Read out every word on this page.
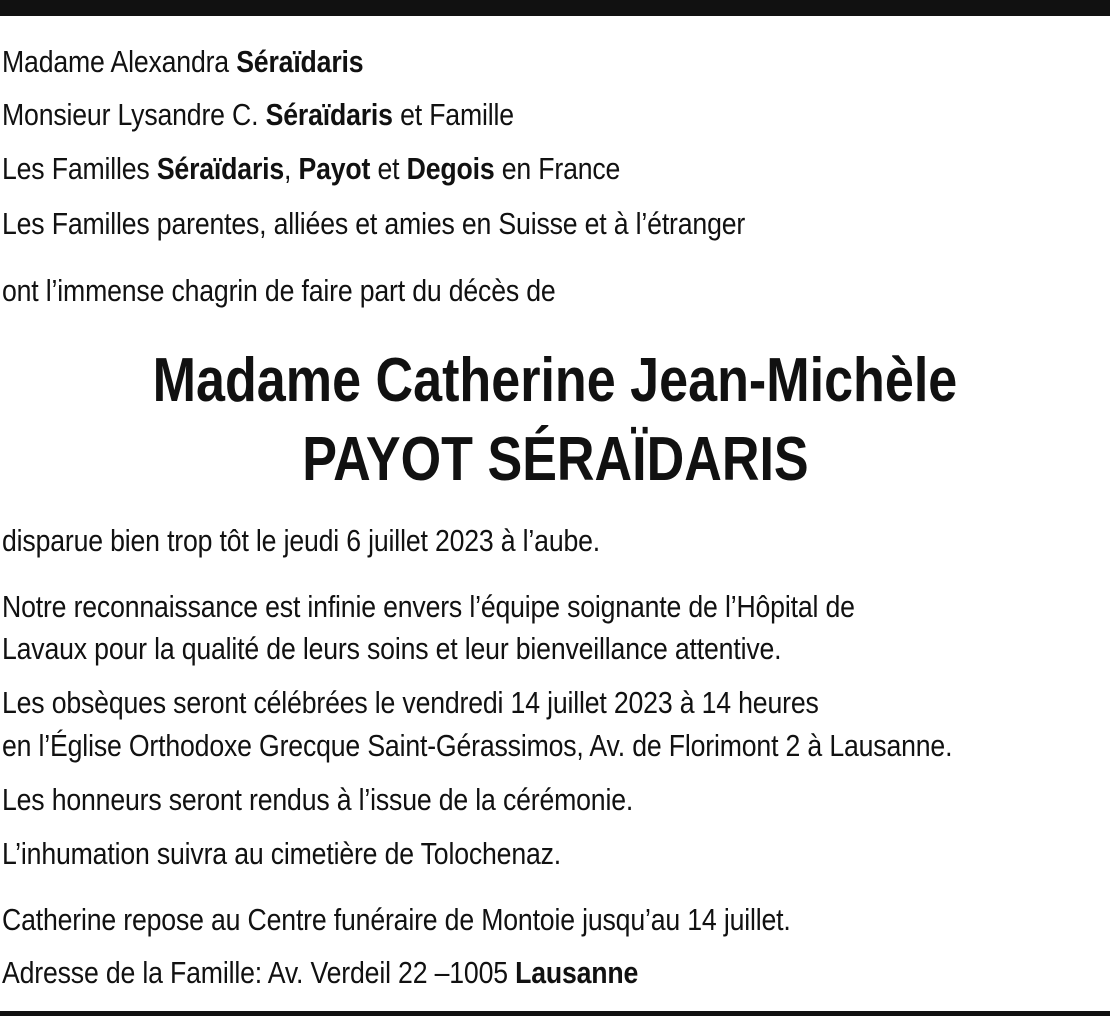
Madame Alexandra Séraïdaris
Monsieur Lysandre C. Séraïdaris et Famille
Les Familles Séraïdaris, Payot et Degois en France
Les Familles parentes, alliées et amies en Suisse et à l’étranger
ont l’immense chagrin de faire part du décès de
Madame Catherine Jean-Michèle
PAYOT SÉRAÏDARIS
disparue bien trop tôt le jeudi 6 juillet 2023 à l’aube.
Notre reconnaissance est infinie envers l’équipe soignante de l’Hôpital de
Lavaux pour la qualité de leurs soins et leur bienveillance attentive.
Les obsèques seront célébrées le vendredi 14 juillet 2023 à 14 heures
en l’Église Orthodoxe Grecque Saint-Gérassimos, Av. de Florimont 2 à Lausanne.
Les honneurs seront rendus à l’issue de la cérémonie.
L’inhumation suivra au cimetière de Tolochenaz.
Catherine repose au Centre funéraire de Montoie jusqu’au 14 juillet.
Adresse de la Famille: Av. Verdeil 22 –1005 Lausanne
